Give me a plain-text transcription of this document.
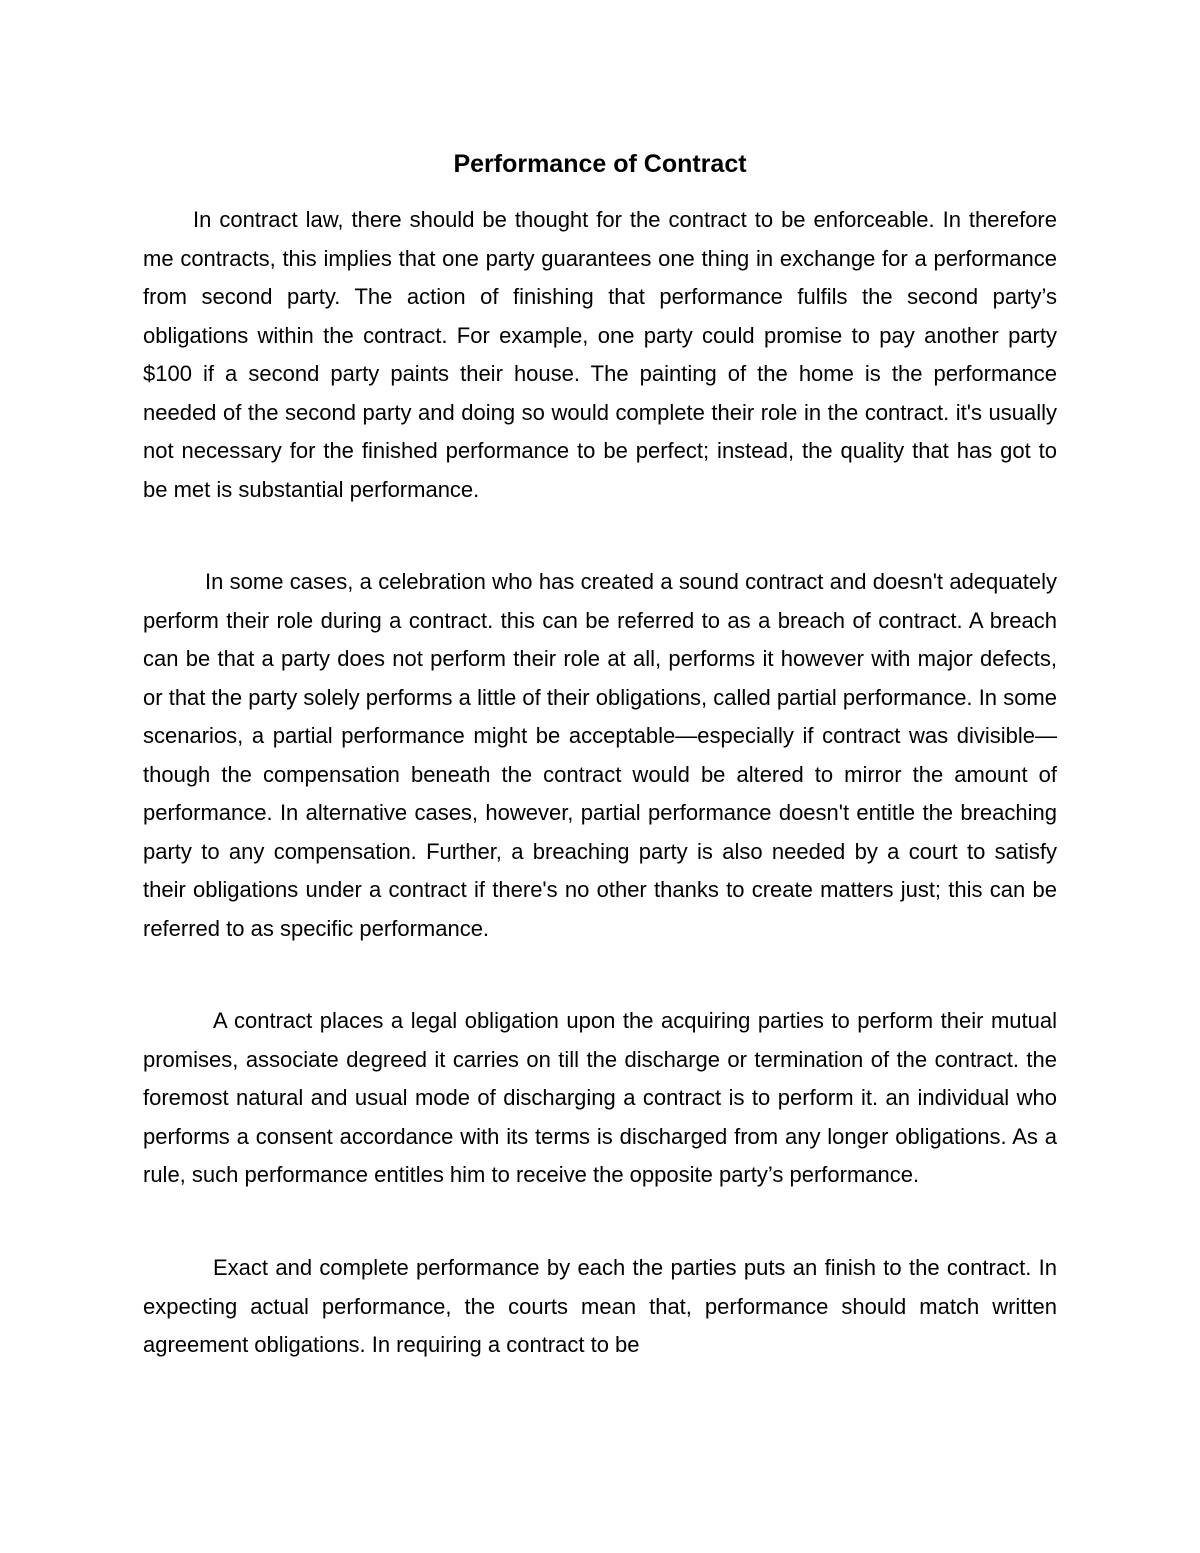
Performance of Contract

In contract law, there should be thought for the contract to be enforceable. In therefore me contracts, this implies that one party guarantees one thing in exchange for a performance from second party. The action of finishing that performance fulfils the second party’s obligations within the contract. For example, one party could promise to pay another party $100 if a second party paints their house. The painting of the home is the performance needed of the second party and doing so would complete their role in the contract. it's usually not necessary for the finished performance to be perfect; instead, the quality that has got to be met is substantial performance.

In some cases, a celebration who has created a sound contract and doesn't adequately perform their role during a contract. this can be referred to as a breach of contract. A breach can be that a party does not perform their role at all, performs it however with major defects, or that the party solely performs a little of their obligations, called partial performance. In some scenarios, a partial performance might be acceptable—especially if contract was divisible—though the compensation beneath the contract would be altered to mirror the amount of performance. In alternative cases, however, partial performance doesn't entitle the breaching party to any compensation. Further, a breaching party is also needed by a court to satisfy their obligations under a contract if there's no other thanks to create matters just; this can be referred to as specific performance.

A contract places a legal obligation upon the acquiring parties to perform their mutual promises, associate degreed it carries on till the discharge or termination of the contract. the foremost natural and usual mode of discharging a contract is to perform it. an individual who performs a consent accordance with its terms is discharged from any longer obligations. As a rule, such performance entitles him to receive the opposite party’s performance.

Exact and complete performance by each the parties puts an finish to the contract. In expecting actual performance, the courts mean that, performance should match written agreement obligations. In requiring a contract to be
